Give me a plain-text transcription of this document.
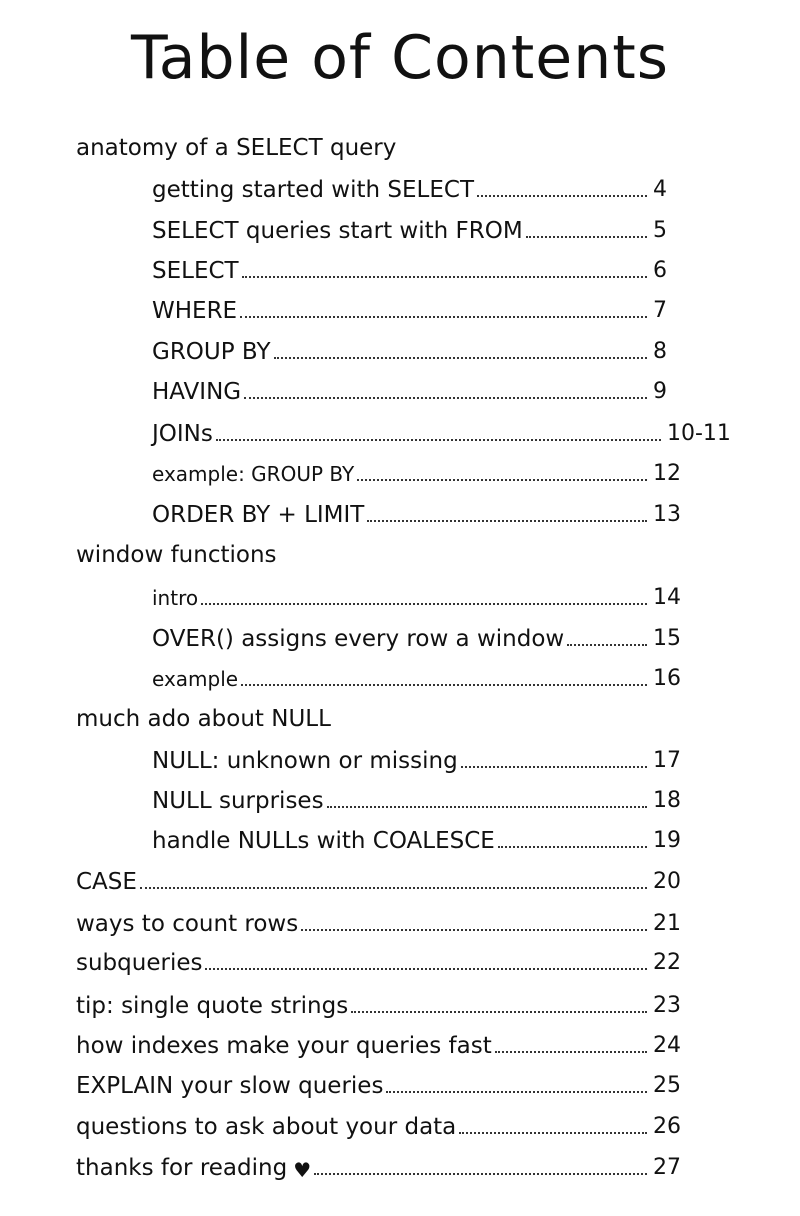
Table of Contents
anatomy of a SELECT query
getting started with SELECT	4
SELECT queries start with FROM	5
SELECT	6
WHERE	7
GROUP BY	8
HAVING	9
JOINs	10-11
example: GROUP BY	12
ORDER BY + LIMIT	13
window functions
intro	14
OVER() assigns every row a window	15
example	16
much ado about NULL
NULL: unknown or missing	17
NULL surprises	18
handle NULLs with COALESCE	19
CASE	20
ways to count rows	21
subqueries	22
tip: single quote strings	23
how indexes make your queries fast	24
EXPLAIN your slow queries	25
questions to ask about your data	26
thanks for reading ♥	27
